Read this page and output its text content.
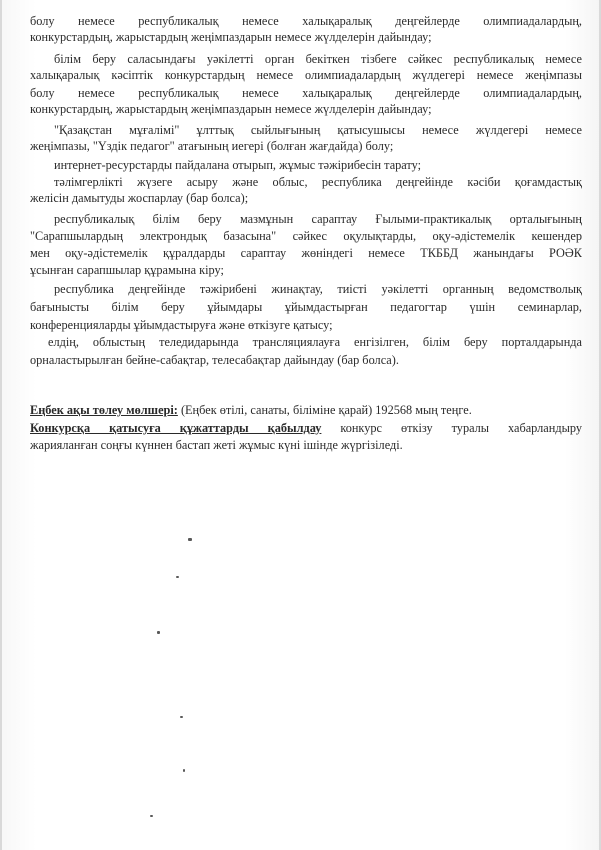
болу немесе республикалық немесе халықаралық деңгейлерде олимпиадалардың,
конкурстардың, жарыстардың жеңімпаздарын немесе жүлделерін дайындау;
білім беру саласындағы уәкілетті орган бекіткен тізбеге сәйкес республикалық немесе
халықаралық кәсіптік конкурстардың немесе олимпиадалардың жүлдегері немесе жеңімпазы
болу немесе республикалық немесе халықаралық деңгейлерде олимпиадалардың,
конкурстардың, жарыстардың жеңімпаздарын немесе жүлделерін дайындау;
"Қазақстан мұғалімі" ұлттық сыйлығының қатысушысы немесе жүлдегері немесе
жеңімпазы, "Үздік педагог" атағының иегері (болған жағдайда) болу;
интернет-ресурстарды пайдалана отырып, жұмыс тәжірибесін тарату;
тәлімгерлікті жүзеге асыру және облыс, республика деңгейінде кәсіби қоғамдастық
желісін дамытуды жоспарлау (бар болса);
республикалық білім беру мазмұнын сараптау Ғылыми-практикалық орталығының
"Сарапшылардың электрондық базасына" сәйкес оқулықтарды, оқу-әдістемелік кешендер
мен оқу-әдістемелік құралдарды сараптау жөніндегі немесе ТКББД жанындағы РОӘК
ұсынған сарапшылар құрамына кіру;
республика деңгейінде тәжірибені жинақтау, тиісті уәкілетті органның ведомстволық
бағынысты білім беру ұйымдары ұйымдастырған педагогтар үшін семинарлар,
конференцияларды ұйымдастыруға және өткізуге қатысу;
елдің, облыстың теледидарында трансляциялауға енгізілген, білім беру порталдарында
орналастырылған бейне-сабақтар, телесабақтар дайындау (бар болса).
Еңбек ақы төлеу мөлшері: (Еңбек өтілі, санаты, біліміне қарай) 192568 мың теңге.
Конкурсқа қатысуға құжаттарды қабылдау конкурс өткізу туралы хабарландыру
жарияланған соңғы күннен бастап жеті жұмыс күні ішінде жүргізіледі.
